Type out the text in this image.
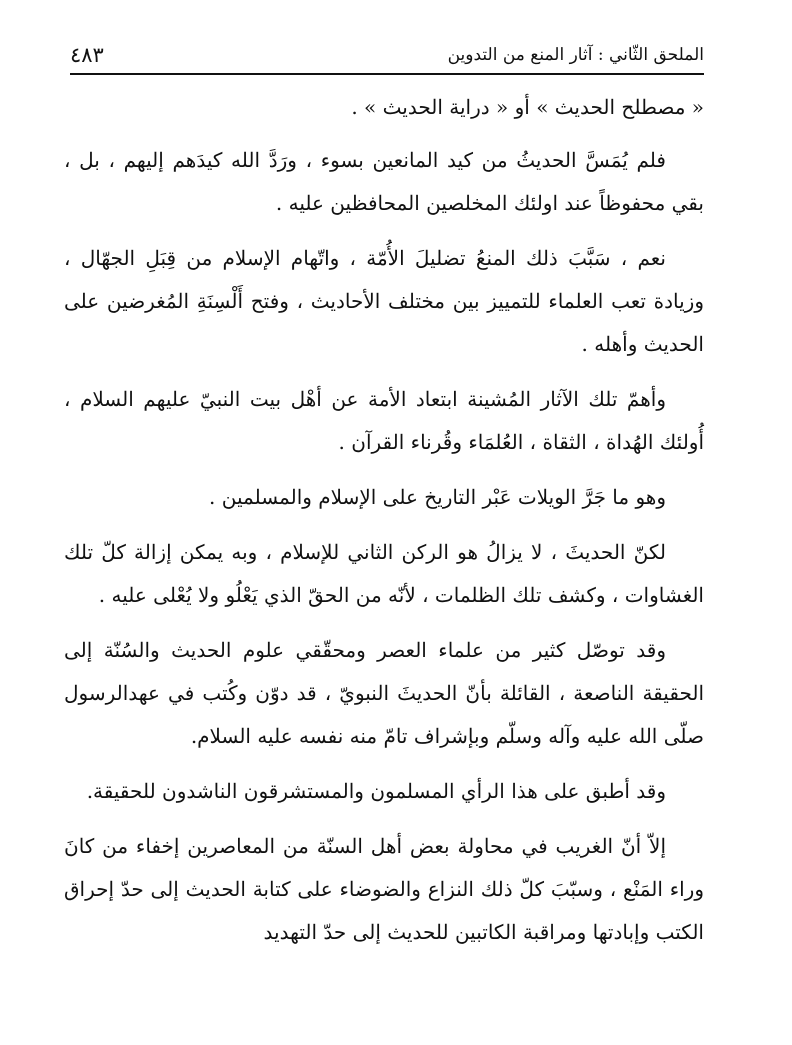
الملحق الثّاني : آثار المنع من التدوين
٤٨٣

« مصطلح الحديث » أو « دراية الحديث » .

فلم يُمَسَّ الحديثُ من كيد المانعين بسوء ، ورَدَّ الله كيدَهم إليهم ، بل ، بقي محفوظاً عند اولئك المخلصين المحافظين عليه .

نعم ، سَبَّبَ ذلك المنعُ تضليلَ الأُمّة ، واتّهام الإسلام من قِبَلِ الجهّال ، وزيادة تعب العلماء للتمييز بين مختلف الأحاديث ، وفتح أَلْسِنَةِ المُغرضين على الحديث وأهله .

وأهمّ تلك الآثار المُشينة ابتعاد الأمة عن أهْل بيت النبيّ عليهم السلام ، أُولئك الهُداة ، الثقاة ، العُلمَاء وقُرناء القرآن .

وهو ما جَرَّ الويلات عَبْر التاريخ على الإسلام والمسلمين .

لكنّ الحديثَ ، لا يزالُ هو الركن الثاني للإسلام ، وبه يمكن إزالة كلّ تلك الغشاوات ، وكشف تلك الظلمات ، لأنّه من الحقّ الذي يَعْلُو ولا يُعْلى عليه .

وقد توصّل كثير من علماء العصر ومحقّقي علوم الحديث والسُنّة إلى الحقيقة الناصعة ، القائلة بأنّ الحديثَ النبويّ ، قد دوّن وكُتب في عهدالرسول صلّى الله عليه وآله وسلّم وبإشراف تامّ منه نفسه عليه السلام.

وقد أطبق على هذا الرأي المسلمون والمستشرقون الناشدون للحقيقة.

إلاّ أنّ الغريب في محاولة بعض أهل السنّة من المعاصرين إخفاء من كانَ وراء المَنْع ، وسبّبَ كلّ ذلك النزاع والضوضاء على كتابة الحديث إلى حدّ إحراق الكتب وإبادتها ومراقبة الكاتبين للحديث إلى حدّ التهديد
